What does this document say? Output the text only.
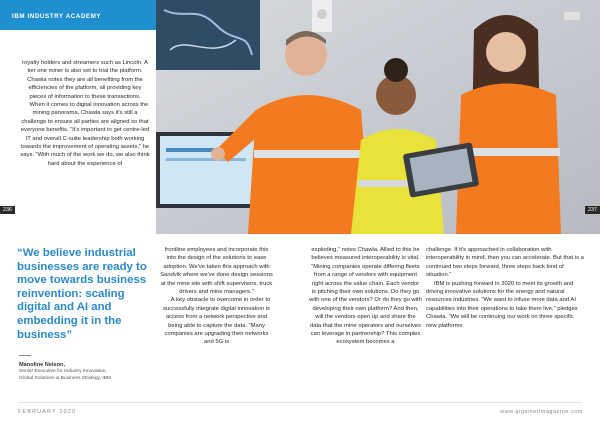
IBM INDUSTRY ACADEMY

royalty holders and streamers such as Lincoln. A tier one miner is also set to trial the platform. Chawla notes they are all benefiting from the efficiencies of the platform, all providing key pieces of information to these transactions.

When it comes to digital innovation across the mining panorama, Chawla says it's still a challenge to ensure all parties are aligned so that everyone benefits. “It's important to get centre-led IT and overall C-suite leadership both working towards the improvement of operating assets,” he says. “With much of the work we do, we also think hard about the experience of

236	237
“We believe industrial businesses are ready to move towards business reinvention: scaling digital and AI and embedding it in the business”
Manoline Nelson,
Senior Executive for Industry Innovation,
Global Solutions & Business Strategy, IBM

frontline employees and incorporate this into the design of the solutions to ease adoption. We've taken this approach with Sandvik where we've done design sessions at the mine site with shift supervisors, truck drivers and mine managers.”

A key obstacle to overcome in order to successfully integrate digital innovation is access from a network perspective and being able to capture the data. “Many companies are upgrading their networks and 5G is

exploding,” notes Chawla. Allied to this he believes measured interoperability is vital. “Mining companies operate differing fleets from a range of vendors with equipment right across the value chain. Each vendor is pitching their own solutions. Do they go with one of the vendors? Or do they go with developing their own platform? And then, will the vendors open up and share the data that the mine operators and ourselves can leverage in partnership? This complex ecosystem becomes a

challenge. If it's approached in collaboration with interoperability in mind, then you can accelerate. But that is a continued two steps forward, three steps back kind of situation.”

IBM is pushing forward in 2020 to meet its growth and driving innovative solutions for the energy and natural resources industries. “We want to infuse more data and AI capabilities into their operations to take them live,” pledges Chawla. “We will be continuing our work on three specific new platforms

FEBRUARY 2020	www.gigametimagazine.com
